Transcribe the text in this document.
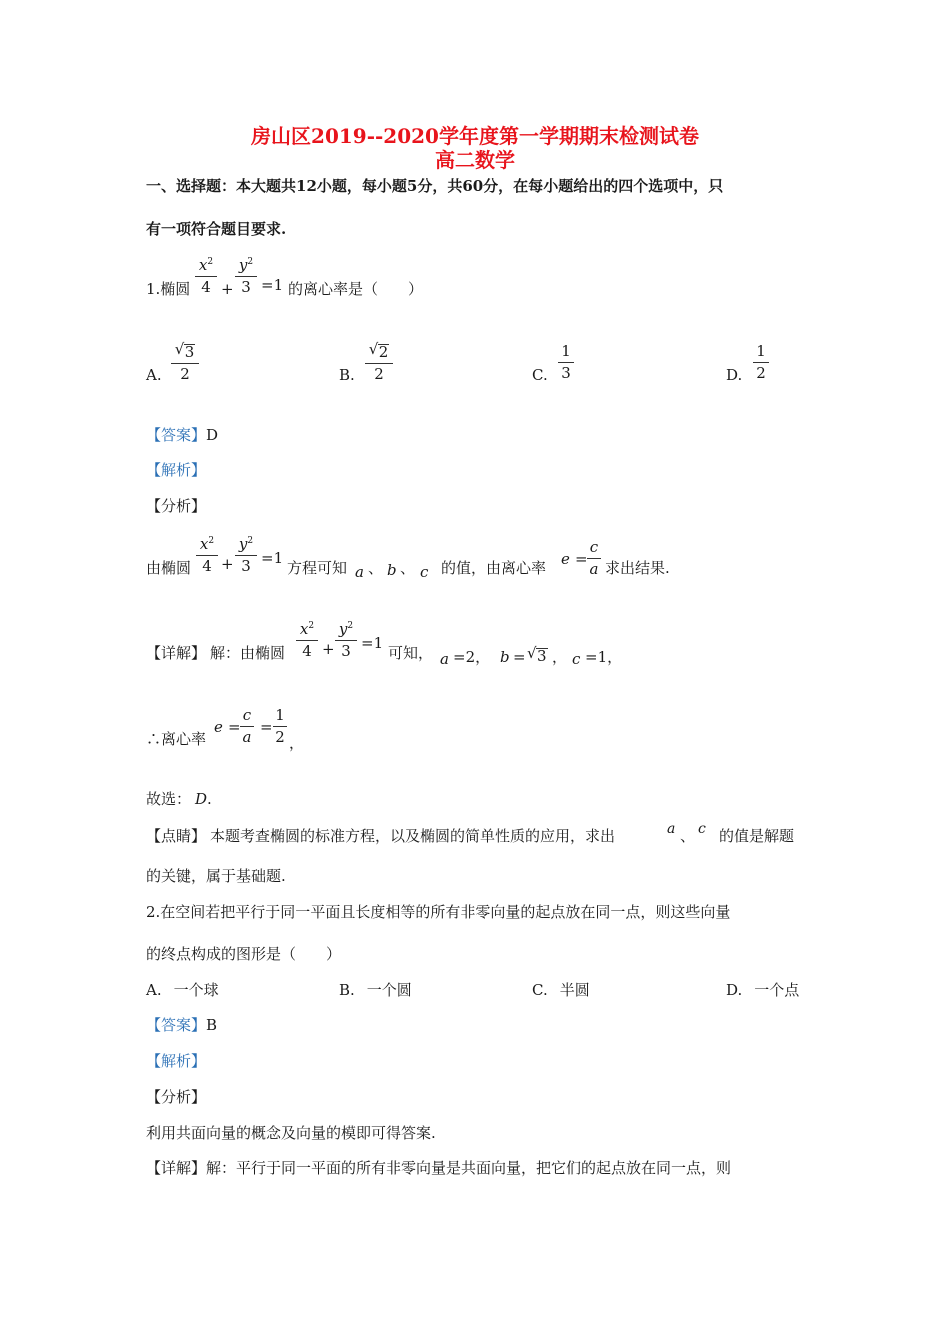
房山区2019--2020学年度第一学期期末检测试卷
高二数学
一、选择题：本大题共12小题，每小题5分，共60分，在每小题给出的四个选项中，只
有一项符合题目要求.
1.椭圆
$x^2$
4 +
$y^2$
3 =1 的离心率是（　　）
A.
√ 3
2	B.
√ 2
2	C.
1
3	D.
1
2
【答案】D
【解析】
【分析】
由椭圆
$x^2$
4 +
$y^2$
3 =1
方程可知 a 、 b 、 c 的值，由离心率 e =
c
a 求出结果.
【详解】 解：由椭圆
$x^2$
4 +
$y^2$
3 =1
可知， a =2， b = √ 3 ， c =1，
∴离心率
e =
c
a
=
1
2 ，
故选： D.
【点睛】 本题考查椭圆的标准方程，以及椭圆的简单性质的应用，求出	a 、 c 的值是解题
的关键，属于基础题.
2.在空间若把平行于同一平面且长度相等的所有非零向量的起点放在同一点，则这些向量
的终点构成的图形是（　　）
A. 一个球	B. 一个圆	C. 半圆	D. 一个点
【答案】B
【解析】
【分析】
利用共面向量的概念及向量的模即可得答案.
【详解】解：平行于同一平面的所有非零向量是共面向量，把它们的起点放在同一点，则
